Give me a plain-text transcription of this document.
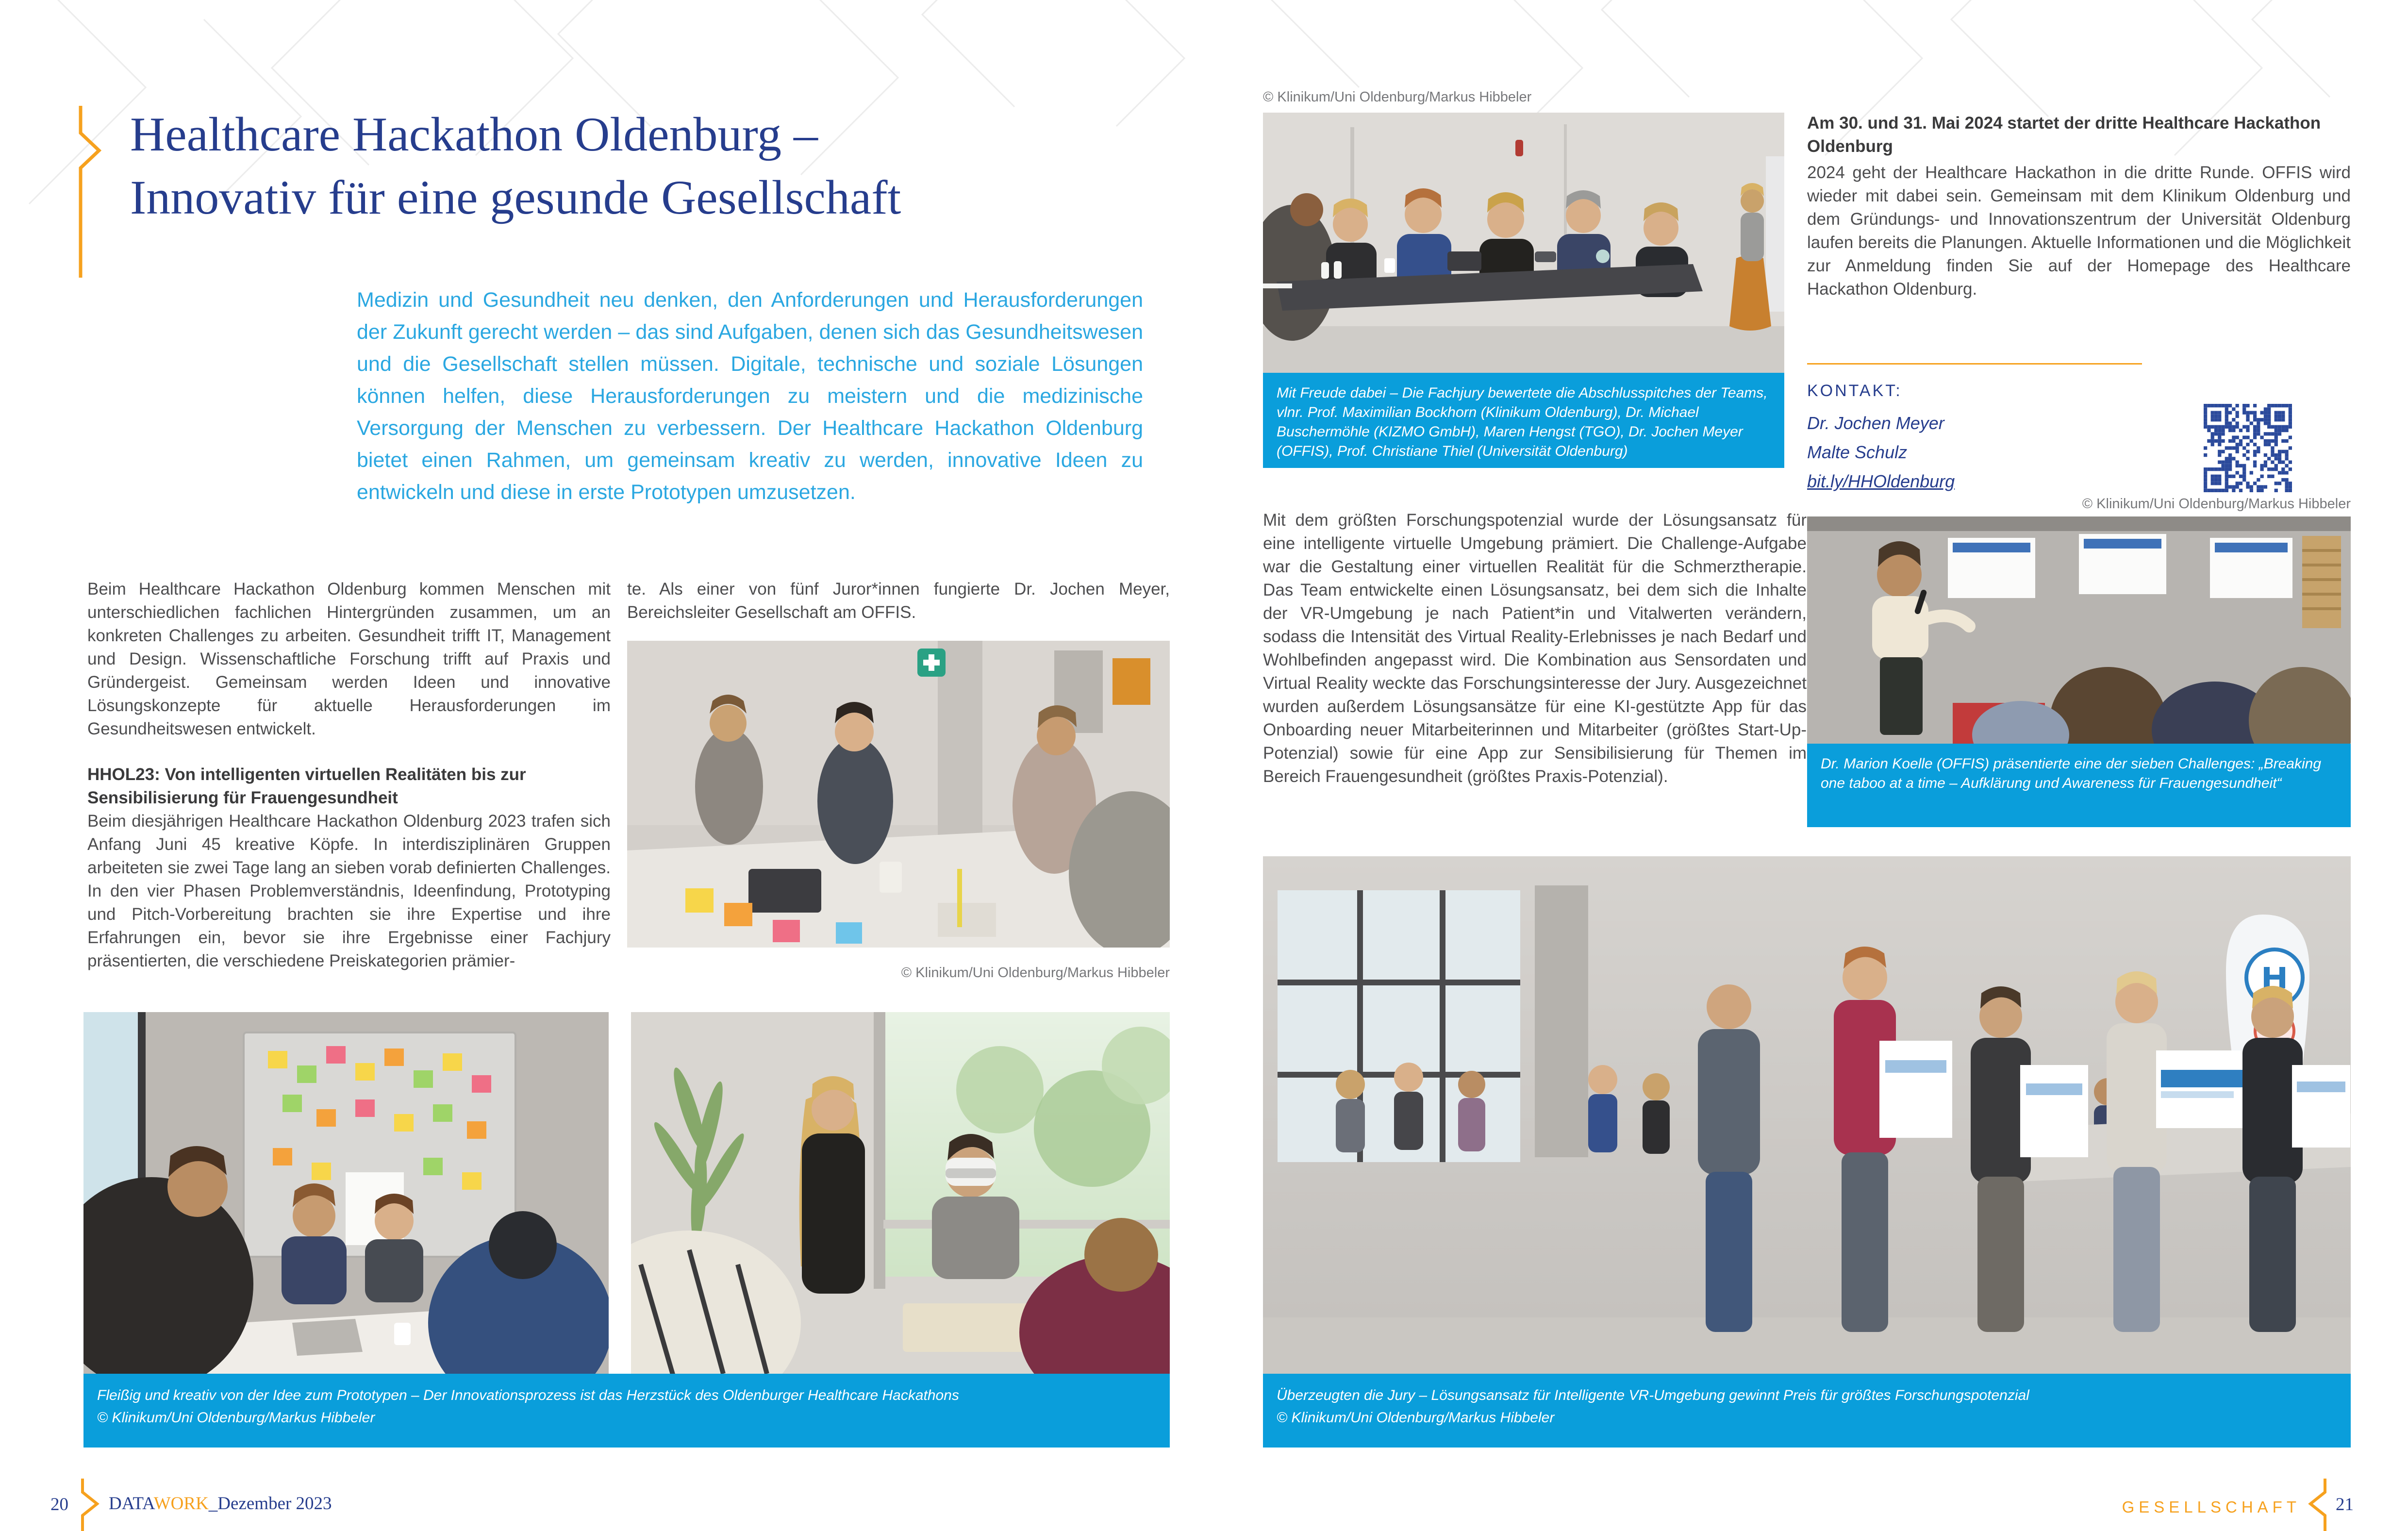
Healthcare Hackathon Oldenburg –
Innovativ für eine gesunde Gesellschaft
Medizin und Gesundheit neu denken, den Anforderungen und Herausforderungen der Zukunft gerecht werden – das sind Aufgaben, denen sich das Gesundheitswesen und die Gesellschaft stellen müssen. Digitale, technische und soziale Lösungen können helfen, diese Herausforderungen zu meistern und die medizinische Versorgung der Menschen zu verbessern. Der Healthcare Hackathon Oldenburg bietet einen Rahmen, um gemeinsam kreativ zu werden, innovative Ideen zu entwickeln und diese in erste Prototypen umzusetzen.
Beim Healthcare Hackathon Oldenburg kommen Menschen mit unterschiedlichen fachlichen Hintergründen zusammen, um an konkreten Challenges zu arbeiten. Gesundheit trifft IT, Management und Design. Wissenschaftliche Forschung trifft auf Praxis und Gründergeist. Gemeinsam werden Ideen und innovative Lösungskonzepte für aktuelle Herausforderungen im Gesundheitswesen entwickelt.
HHOL23: Von intelligenten virtuellen Realitäten bis zur Sensibilisierung für Frauengesundheit
Beim diesjährigen Healthcare Hackathon Oldenburg 2023 trafen sich Anfang Juni 45 kreative Köpfe. In interdisziplinären Gruppen arbeiteten sie zwei Tage lang an sieben vorab definierten Challenges. In den vier Phasen Problemverständnis, Ideenfindung, Prototyping und Pitch-Vorbereitung brachten sie ihre Expertise und ihre Erfahrungen ein, bevor sie ihre Ergebnisse einer Fachjury präsentierten, die verschiedene Preiskategorien prämier-
te. Als einer von fünf Juror*innen fungierte Dr. Jochen Meyer, Bereichsleiter Gesellschaft am OFFIS.
© Klinikum/Uni Oldenburg/Markus Hibbeler
Fleißig und kreativ von der Idee zum Prototypen – Der Innovationsprozess ist das Herzstück des Oldenburger Healthcare Hackathons
© Klinikum/Uni Oldenburg/Markus Hibbeler
© Klinikum/Uni Oldenburg/Markus Hibbeler
Mit Freude dabei – Die Fachjury bewertete die Abschlusspitches der Teams, vlnr. Prof. Maximilian Bockhorn (Klinikum Oldenburg), Dr. Michael Buschermöhle (KIZMO GmbH), Maren Hengst (TGO), Dr. Jochen Meyer (OFFIS), Prof. Christiane Thiel (Universität Oldenburg)
Mit dem größten Forschungspotenzial wurde der Lösungsansatz für eine intelligente virtuelle Umgebung prämiert. Die Challenge-Aufgabe war die Gestaltung einer virtuellen Realität für die Schmerztherapie. Das Team entwickelte einen Lösungsansatz, bei dem sich die Inhalte der VR-Umgebung je nach Patient*in und Vitalwerten verändern, sodass die Intensität des Virtual Reality-Erlebnisses je nach Bedarf und Wohlbefinden angepasst wird. Die Kombination aus Sensordaten und Virtual Reality weckte das Forschungsinteresse der Jury. Ausgezeichnet wurden außerdem Lösungsansätze für eine KI-gestützte App für das Onboarding neuer Mitarbeiterinnen und Mitarbeiter (größtes Start-Up-Potenzial) sowie für eine App zur Sensibilisierung für Themen im Bereich Frauengesundheit (größtes Praxis-Potenzial).
Am 30. und 31. Mai 2024 startet der dritte Healthcare Hackathon Oldenburg
2024 geht der Healthcare Hackathon in die dritte Runde. OFFIS wird wieder mit dabei sein. Gemeinsam mit dem Klinikum Oldenburg und dem Gründungs- und Innovationszentrum der Universität Oldenburg laufen bereits die Planungen. Aktuelle Informationen und die Möglichkeit zur Anmeldung finden Sie auf der Homepage des Healthcare Hackathon Oldenburg.
KONTAKT:
Dr. Jochen Meyer
Malte Schulz
bit.ly/HHOldenburg
© Klinikum/Uni Oldenburg/Markus Hibbeler
Dr. Marion Koelle (OFFIS) präsentierte eine der sieben Challenges: „Breaking one taboo at a time – Aufklärung und Awareness für Frauengesundheit“
Überzeugten die Jury – Lösungsansatz für Intelligente VR-Umgebung gewinnt Preis für größtes Forschungspotenzial
© Klinikum/Uni Oldenburg/Markus Hibbeler
20 DATAWORK_Dezember 2023	GESELLSCHAFT 21
